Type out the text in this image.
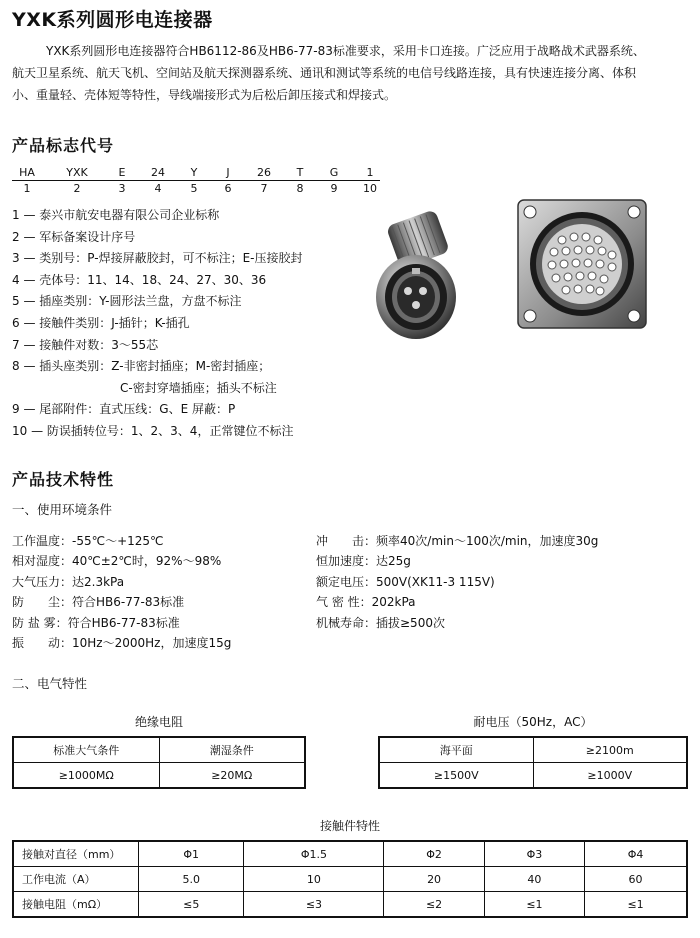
YXK系列圆形电连接器
YXK系列圆形电连接器符合HB6112-86及HB6-77-83标准要求，采用卡口连接。广泛应用于战略战术武器系统、
航天卫星系统、航天飞机、空间站及航天探测器系统、通讯和测试等系统的电信号线路连接，具有快速连接分离、体积
小、重量轻、壳体短等特性，导线端接形式为后松后卸压接式和焊接式。
产品标志代号
HA		YXK		E		24		Y		J		26		T		G		1
1		2		3		4		5		6		7		8		9		10
1 — 泰兴市航安电器有限公司企业标称
2 — 军标备案设计序号
3 — 类别号：P-焊接屏蔽胶封，可不标注；E-压接胶封
4 — 壳体号：11、14、18、24、27、30、36
5 — 插座类别：Y-圆形法兰盘，方盘不标注
6 — 接触件类别：J-插针；K-插孔
7 — 接触件对数：3～55芯
8 — 插头座类别：Z-非密封插座；M-密封插座；
C-密封穿墙插座；插头不标注
9 — 尾部附件：直式压线：G、E 屏蔽：P
10 — 防误插转位号：1、2、3、4，正常键位不标注
产品技术特性
一、使用环境条件
工作温度：-55℃～+125℃
相对湿度：40℃±2℃时，92%～98%
大气压力：达2.3kPa
防　　尘：符合HB6-77-83标准
防 盐 雾：符合HB6-77-83标准
振　　动：10Hz～2000Hz，加速度15g
冲　　击：频率40次/min～100次/min，加速度30g
恒加速度：达25g
额定电压：500V(XK11-3 115V)
气 密 性：202kPa
机械寿命：插拔≥500次
二、电气特性
绝缘电阻
标准大气条件	潮湿条件
≥1000MΩ	≥20MΩ
耐电压（50Hz，AC）
海平面	≥2100m
≥1500V	≥1000V
接触件特性
接触对直径（mm）	Φ1	Φ1.5	Φ2	Φ3	Φ4
工作电流（A）	5.0	10	20	40	60
接触电阻（mΩ）	≤5	≤3	≤2	≤1	≤1
